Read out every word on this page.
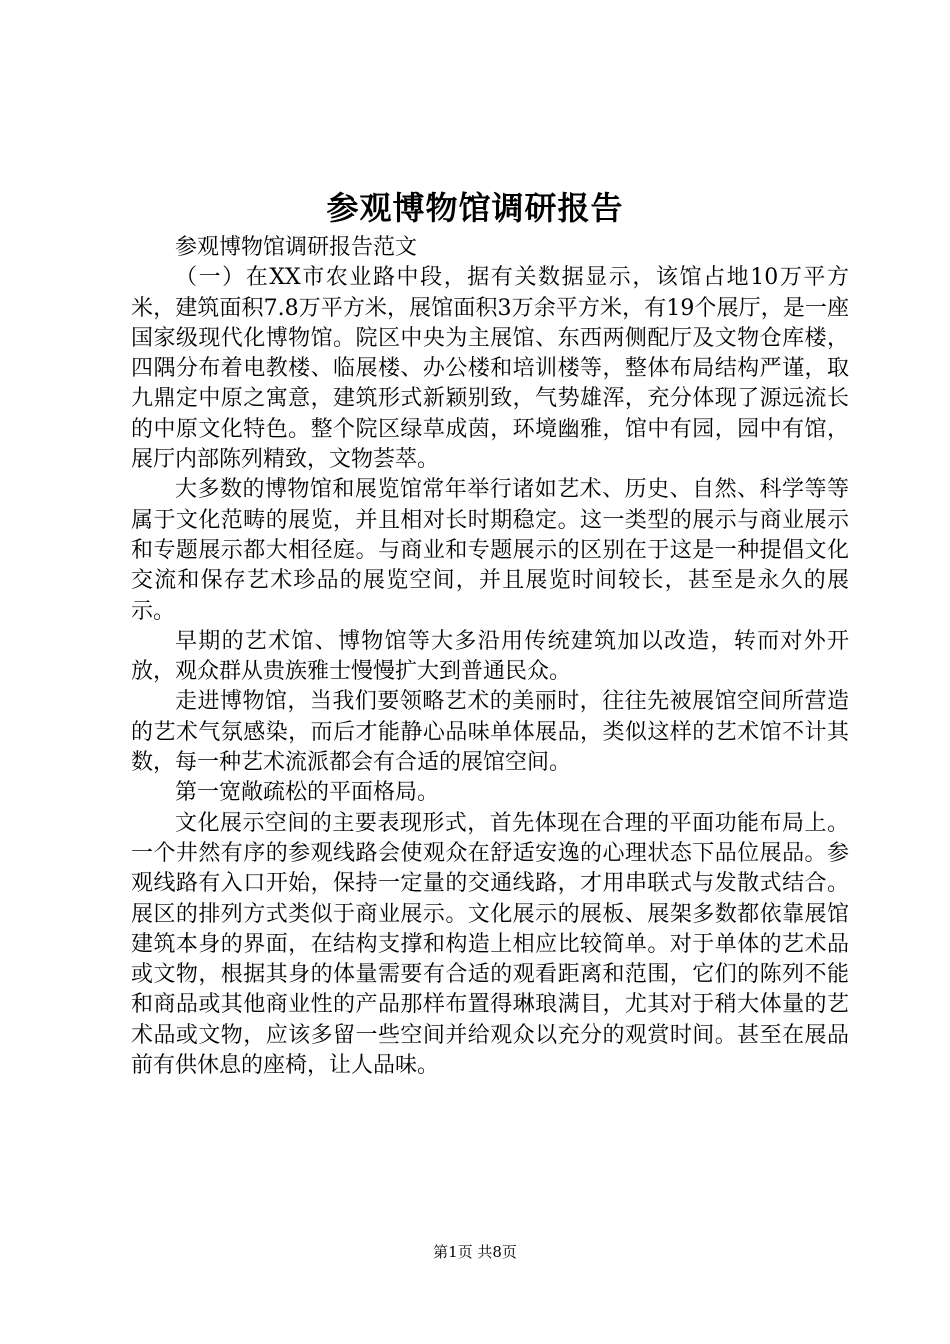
参观博物馆调研报告

参观博物馆调研报告范文

（一）在XX市农业路中段，据有关数据显示，该馆占地10万平方米，建筑面积7.8万平方米，展馆面积3万余平方米，有19个展厅，是一座国家级现代化博物馆。院区中央为主展馆、东西两侧配厅及文物仓库楼，四隅分布着电教楼、临展楼、办公楼和培训楼等，整体布局结构严谨，取九鼎定中原之寓意，建筑形式新颖别致，气势雄浑，充分体现了源远流长的中原文化特色。整个院区绿草成茵，环境幽雅，馆中有园，园中有馆，展厅内部陈列精致，文物荟萃。

大多数的博物馆和展览馆常年举行诸如艺术、历史、自然、科学等等属于文化范畴的展览，并且相对长时期稳定。这一类型的展示与商业展示和专题展示都大相径庭。与商业和专题展示的区别在于这是一种提倡文化交流和保存艺术珍品的展览空间，并且展览时间较长，甚至是永久的展示。

早期的艺术馆、博物馆等大多沿用传统建筑加以改造，转而对外开放，观众群从贵族雅士慢慢扩大到普通民众。

走进博物馆，当我们要领略艺术的美丽时，往往先被展馆空间所营造的艺术气氛感染，而后才能静心品味单体展品，类似这样的艺术馆不计其数，每一种艺术流派都会有合适的展馆空间。

第一宽敞疏松的平面格局。

文化展示空间的主要表现形式，首先体现在合理的平面功能布局上。一个井然有序的参观线路会使观众在舒适安逸的心理状态下品位展品。参观线路有入口开始，保持一定量的交通线路，才用串联式与发散式结合。展区的排列方式类似于商业展示。文化展示的展板、展架多数都依靠展馆建筑本身的界面，在结构支撑和构造上相应比较简单。对于单体的艺术品或文物，根据其身的体量需要有合适的观看距离和范围，它们的陈列不能和商品或其他商业性的产品那样布置得琳琅满目，尤其对于稍大体量的艺术品或文物，应该多留一些空间并给观众以充分的观赏时间。甚至在展品前有供休息的座椅，让人品味。

第1页 共8页
